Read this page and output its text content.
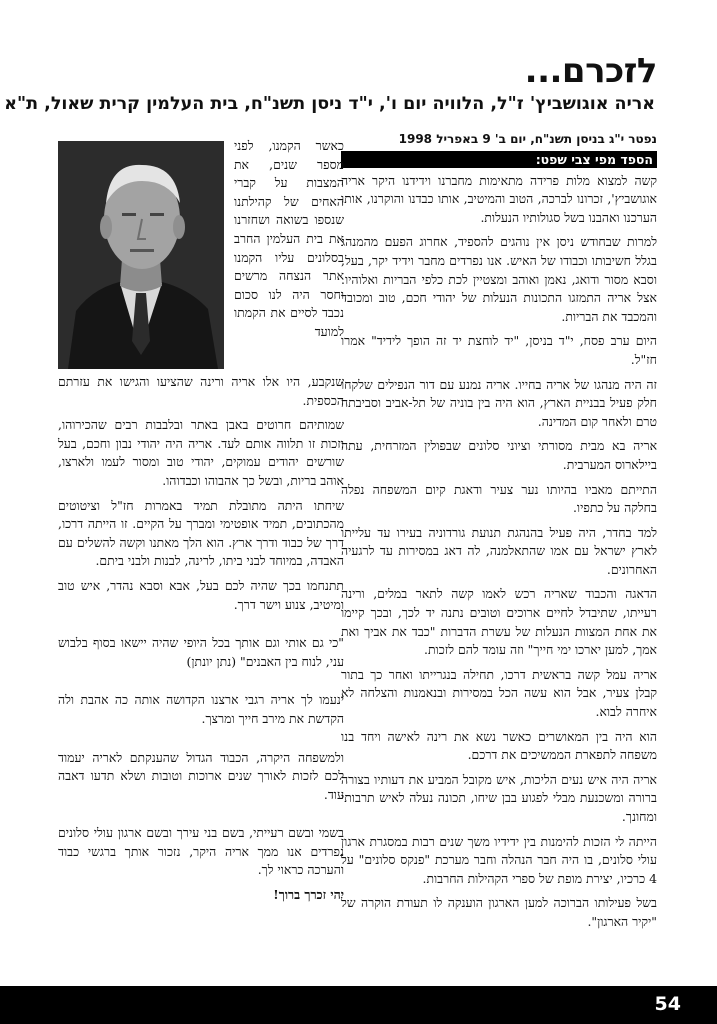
לזכרם...
אריה אוגושביץ' ז"ל, הלוויה יום ו', י"ד ניסן תשנ"ח, בית העלמין קרית שאול, ת"א
נפטר י"ג בניסן תשנ"ח, יום ב' 9 באפריל 1998
הספד מפי צבי שפט:

קשה למצוא מלות פרידה מתאימות מחברנו וידידנו היקר אריה אוגושביץ', זכרונו לברכה, הטוב והמיטיב, אותו כבדנו והוקרנו, אותו הערכנו ואהבנו בשל סגולותיו הנעלות.

למרות שבחודש ניסן אין נוהגים להספיד, אחרוג הפעם מהמנהג בגלל חשיבותו וכבודו של האיש. אנו נפרדים מחבר וידיד יקר, בעל, וסבא מסור ודואג, נאמן ואוהב ומצטיין לכת כלפי הבריות ואלוהיו. אצל אריה התמזגו התכונות הנעלות של יהודי חכם, טוב ומכובד והמכבד את הבריות.

היום ערב פסח, י"ד בניסן, "יד לוחצת יד זה הופך לידיד" אמרו חז"ל.

זה היה מנהגו של אריה בחייו. אריה נמנע עם דור הנפילים שלקחו חלק פעיל בבניית הארץ, הוא היה בין בוניה של תל-אביב וסביבתה טרם ולאחר קום המדינה.

אריה בא מבית מסורתי וציוני סלונים שבפולין המזרחית, עתה ביילארוס המערבית.

התייתם מאביו בהיותו נער צעיר ודאגת קיום המשפחה נפלה בחלקה על כתפיו.

למד בחדר, היה פעיל בהנהגת תנועת גורדוניה בעירו עד עלייתו לארץ ישראל עם אמו שהתאלמנה, לה דאג במסירות עד לרגעיה האחרונים.

הדאגה והכבוד שאריה רכש לאמו קשה לתאר במלים, ורינה רעייתו, שתיבדל לחיים ארוכים וטובים נתנה יד לכך, ובכך קיימו את אחת המצוות הנעלות של עשרת הדברות "כבד את אביך ואת אמך, למען יארכו ימי חייך" וזה עומד להם לזכות.

אריה עמל קשה בראשית דרכו, תחילה בנגרייתו ואחר כך בתור קבלן צעיר, אבל הוא עשה הכל במסירות ובנאמנות והצלחה לא איחרה לבוא.

הוא היה בין המאושרים כאשר נשא את רינה לאישה ויחד בנו משפחה לתפארת הממשיכים את דרכם.

אריה היה איש נעים הליכות, איש מקובל המביע את דעותיו בצורה ברורה ומשכנעת מבלי לפגוע בבן שיחו, תכונה נעלה לאיש תרבותי ומחונך.

הייתה לי הזכות להימנות בין ידידיו משך שנים רבות במסגרת ארגון עולי סלונים, בו היה חבר הנהלה וחבר מערכת "פנקס סלונים" על 4 כרכיו, יצירת מופת של ספרי הקהילות החרבות.

בשל פעילותו הברוכה למען הארגון הוענקה לו תעודת הוקרה של "יקיר הארגון".

כאשר הקמנו, לפני מספר שנים, את המצבות על קברי האחים של קהילתנו שנספו בשואה ושחזרנו את בית העלמין החרב בסלונים עליו הקמנו אתר הנצחה מרשים וחסר היה לנו סכום נכבד לסיים את הקמתו למועד

שנקבע, היו אלו אריה ורינה שהציעו והגישו את עזרתם הכספית.

שמותיהם חרוטים באבן באתר ובלבבות רבים שהכירוהו, וזכות זו תלווה אותם לעד. אריה היה יהודי נבון וחכם, בעל שורשים יהודים עמוקים, יהודי טוב ומסור לעמו ולארצו, אוהב בריות, ובשל כך אהבוהו וכבדוהו.

שיחתו היתה מתובלת תמיד באמרות חז"ל וציטוטים מהכתובים, תמיד אופטימי ומברך על הקיים. זו הייתה דרכו, דרך של כבוד ודרך ארץ. הוא הלך מאתנו וקשה להשלים עם האבדה, במיוחד לבני ביתו, לרינה, לבנות ולבני ביתם.

תתנחמו בכך שהיה לכם בעל, אבא וסבא נהדר, איש טוב ומיטיב, צנוע וישר דרך.

"כי גם אותי וגם אותך בכל היופי שהיה יישאו בסוף בלבוש עני, לנוח בין האבנים" (נתן יונתן)

ינעמו לך אריה רגבי ארצנו הקדושה אותה כה אהבת ולה הקדשת את מירב חייך ומרצך.

ולמשפחה היקרה, הכבוד הגדול שהענקתם לאריה יעמוד לכם לזכות לאורך שנים ארוכות וטובות ושלא תדעו דאבה עוד.

בשמי ובשם רעייתי, בשם בני עירך ובשם ארגון עולי סלונים נפרדים אנו ממך אריה היקר, נזכור אותך ברגשי כבוד והערכה כראוי לך.

יהי זכרך ברוך!

54
